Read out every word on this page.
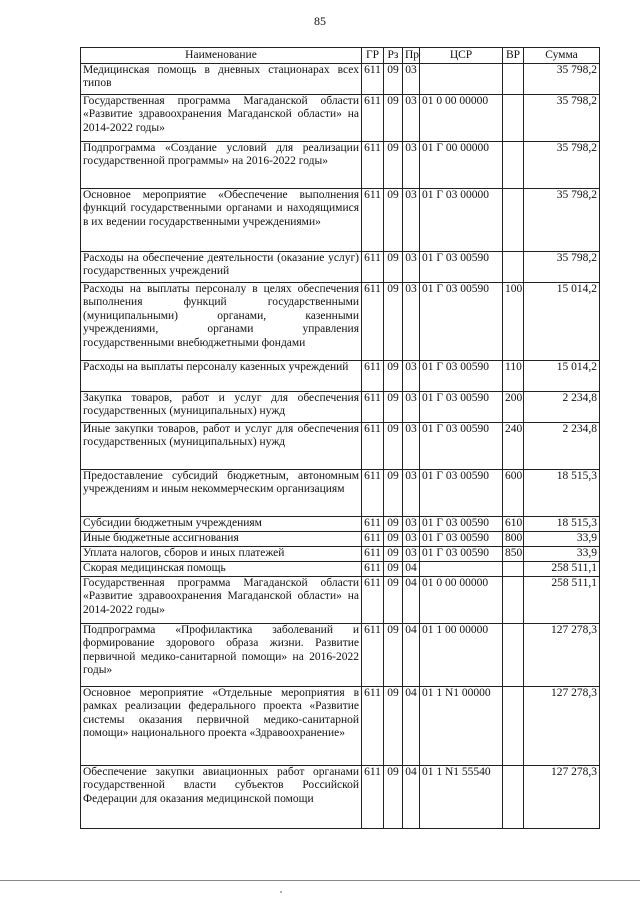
85
Наименование	ГР	Рз	Пр	ЦСР	ВР	Сумма
Медицинская помощь в дневных стационарах всех типов	611	09	03			35 798,2
Государственная программа Магаданской области «Развитие здравоохранения Магаданской области» на 2014-2022 годы»	611	09	03	01 0 00 00000		35 798,2
Подпрограмма «Создание условий для реализации государственной программы» на 2016-2022 годы»	611	09	03	01 Г 00 00000		35 798,2
Основное мероприятие «Обеспечение выполнения функций государственными органами и находящимися в их ведении государственными учреждениями»	611	09	03	01 Г 03 00000		35 798,2
Расходы на обеспечение деятельности (оказание услуг) государственных учреждений	611	09	03	01 Г 03 00590		35 798,2
Расходы на выплаты персоналу в целях обеспечения выполнения функций государственными (муниципальными) органами, казенными учреждениями, органами управления государственными внебюджетными фондами	611	09	03	01 Г 03 00590	100	15 014,2
Расходы на выплаты персоналу казенных учреждений	611	09	03	01 Г 03 00590	110	15 014,2
Закупка товаров, работ и услуг для обеспечения государственных (муниципальных) нужд	611	09	03	01 Г 03 00590	200	2 234,8
Иные закупки товаров, работ и услуг для обеспечения государственных (муниципальных) нужд	611	09	03	01 Г 03 00590	240	2 234,8
Предоставление субсидий бюджетным, автономным учреждениям и иным некоммерческим организациям	611	09	03	01 Г 03 00590	600	18 515,3
Субсидии бюджетным учреждениям	611	09	03	01 Г 03 00590	610	18 515,3
Иные бюджетные ассигнования	611	09	03	01 Г 03 00590	800	33,9
Уплата налогов, сборов и иных платежей	611	09	03	01 Г 03 00590	850	33,9
Скорая медицинская помощь	611	09	04			258 511,1
Государственная программа Магаданской области «Развитие здравоохранения Магаданской области» на 2014-2022 годы»	611	09	04	01 0 00 00000		258 511,1
Подпрограмма «Профилактика заболеваний и формирование здорового образа жизни. Развитие первичной медико-санитарной помощи» на 2016-2022 годы»	611	09	04	01 1 00 00000		127 278,3
Основное мероприятие «Отдельные мероприятия в рамках реализации федерального проекта «Развитие системы оказания первичной медико-санитарной помощи» национального проекта «Здравоохранение»	611	09	04	01 1 N1 00000		127 278,3
Обеспечение закупки авиационных работ органами государственной власти субъектов Российской Федерации для оказания медицинской помощи	611	09	04	01 1 N1 55540		127 278,3
